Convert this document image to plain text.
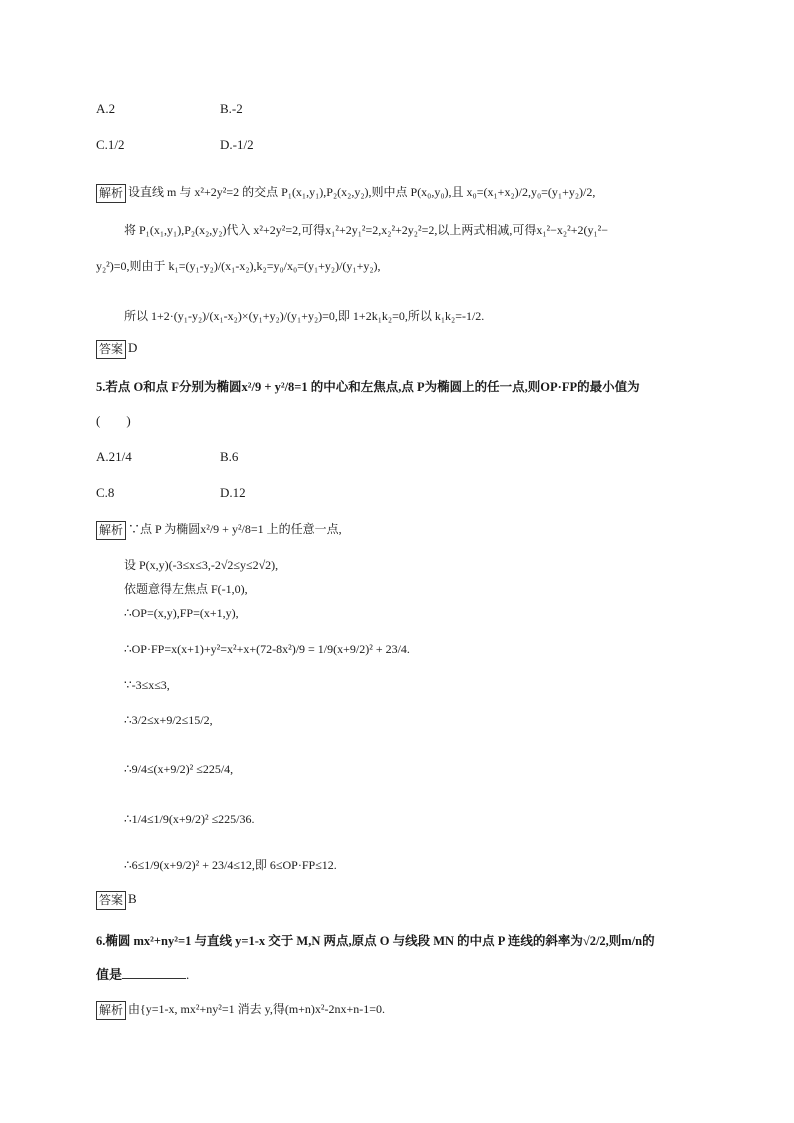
A.2	B.-2
C.1/2	D.-1/2
解析 设直线 m 与 x²+2y²=2 的交点 P₁(x₁,y₁),P₂(x₂,y₂),则中点 P(x₀,y₀),且 x₀=(x₁+x₂)/2,y₀=(y₁+y₂)/2,
将 P₁(x₁,y₁),P₂(x₂,y₂)代入 x²+2y²=2,可得x₁²+2y₁²=2,x₂²+2y₂²=2,以上两式相减,可得x₁²−x₂²+2(y₁²−
y₂²)=0,则由于 k₁=(y₁-y₂)/(x₁-x₂),k₂=y₀/x₀=(y₁+y₂)/(y₁+y₂),
所以 1+2·(y₁-y₂)/(x₁-x₂)×(y₁+y₂)/(y₁+y₂)=0,即 1+2k₁k₂=0,所以 k₁k₂=-1/2.
答案 D
5.若点 O和点 F分别为椭圆x²/9 + y²/8=1 的中心和左焦点,点 P为椭圆上的任一点,则OP·FP的最小值为
(　　)
A.21/4	B.6
C.8	D.12
解析 ∵点 P 为椭圆x²/9 + y²/8=1 上的任意一点,
设 P(x,y)(-3≤x≤3,-2√2≤y≤2√2),
依题意得左焦点 F(-1,0),
∴OP=(x,y),FP=(x+1,y),
∴OP·FP=x(x+1)+y²=x²+x+(72-8x²)/9 = 1/9(x+9/2)² + 23/4.
∵-3≤x≤3,
∴3/2≤x+9/2≤15/2,
∴9/4≤(x+9/2)² ≤225/4,
∴1/4≤1/9(x+9/2)² ≤225/36.
∴6≤1/9(x+9/2)² + 23/4≤12,即 6≤OP·FP≤12.
答案 B
6.椭圆 mx²+ny²=1 与直线 y=1-x 交于 M,N 两点,原点 O 与线段 MN 的中点 P 连线的斜率为√2/2,则m/n的
值是	.
解析 由{y=1-x, mx²+ny²=1 消去 y,得(m+n)x²-2nx+n-1=0.
